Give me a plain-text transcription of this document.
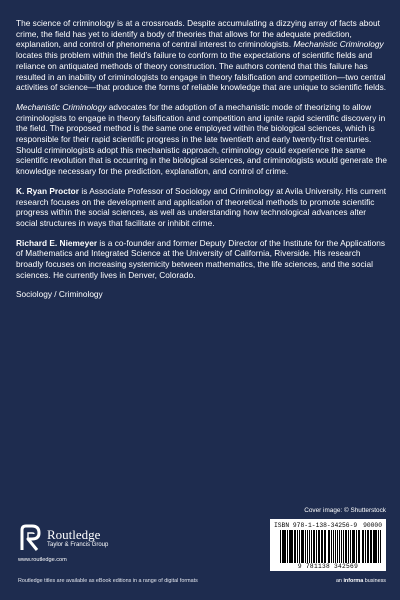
The science of criminology is at a crossroads. Despite accumulating a dizzying array of facts about crime, the field has yet to identify a body of theories that allows for the adequate prediction, explanation, and control of phenomena of central interest to criminologists. Mechanistic Criminology locates this problem within the field’s failure to conform to the expectations of scientific fields and reliance on antiquated methods of theory construction. The authors contend that this failure has resulted in an inability of criminologists to engage in theory falsification and competition—two central activities of science—that produce the forms of reliable knowledge that are unique to scientific fields.

Mechanistic Criminology advocates for the adoption of a mechanistic mode of theorizing to allow criminologists to engage in theory falsification and competition and ignite rapid scientific discovery in the field. The proposed method is the same one employed within the biological sciences, which is responsible for their rapid scientific progress in the late twentieth and early twenty-first centuries. Should criminologists adopt this mechanistic approach, criminology could experience the same scientific revolution that is occurring in the biological sciences, and criminologists would generate the knowledge necessary for the prediction, explanation, and control of crime.

K. Ryan Proctor is Associate Professor of Sociology and Criminology at Avila University. His current research focuses on the development and application of theoretical methods to promote scientific progress within the social sciences, as well as understanding how technological advances alter social structures in ways that facilitate or inhibit crime.

Richard E. Niemeyer is a co-founder and former Deputy Director of the Institute for the Applications of Mathematics and Integrated Science at the University of California, Riverside. His research broadly focuses on increasing systemicity between mathematics, the life sciences, and the social sciences. He currently lives in Denver, Colorado.

Sociology / Criminology

Cover image: © Shutterstock
ISBN 978-1-138-34256-9 90000
9 781138 342569
Routledge
Taylor & Francis Group
www.routledge.com
Routledge titles are available as eBook editions in a range of digital formats	an informa business
